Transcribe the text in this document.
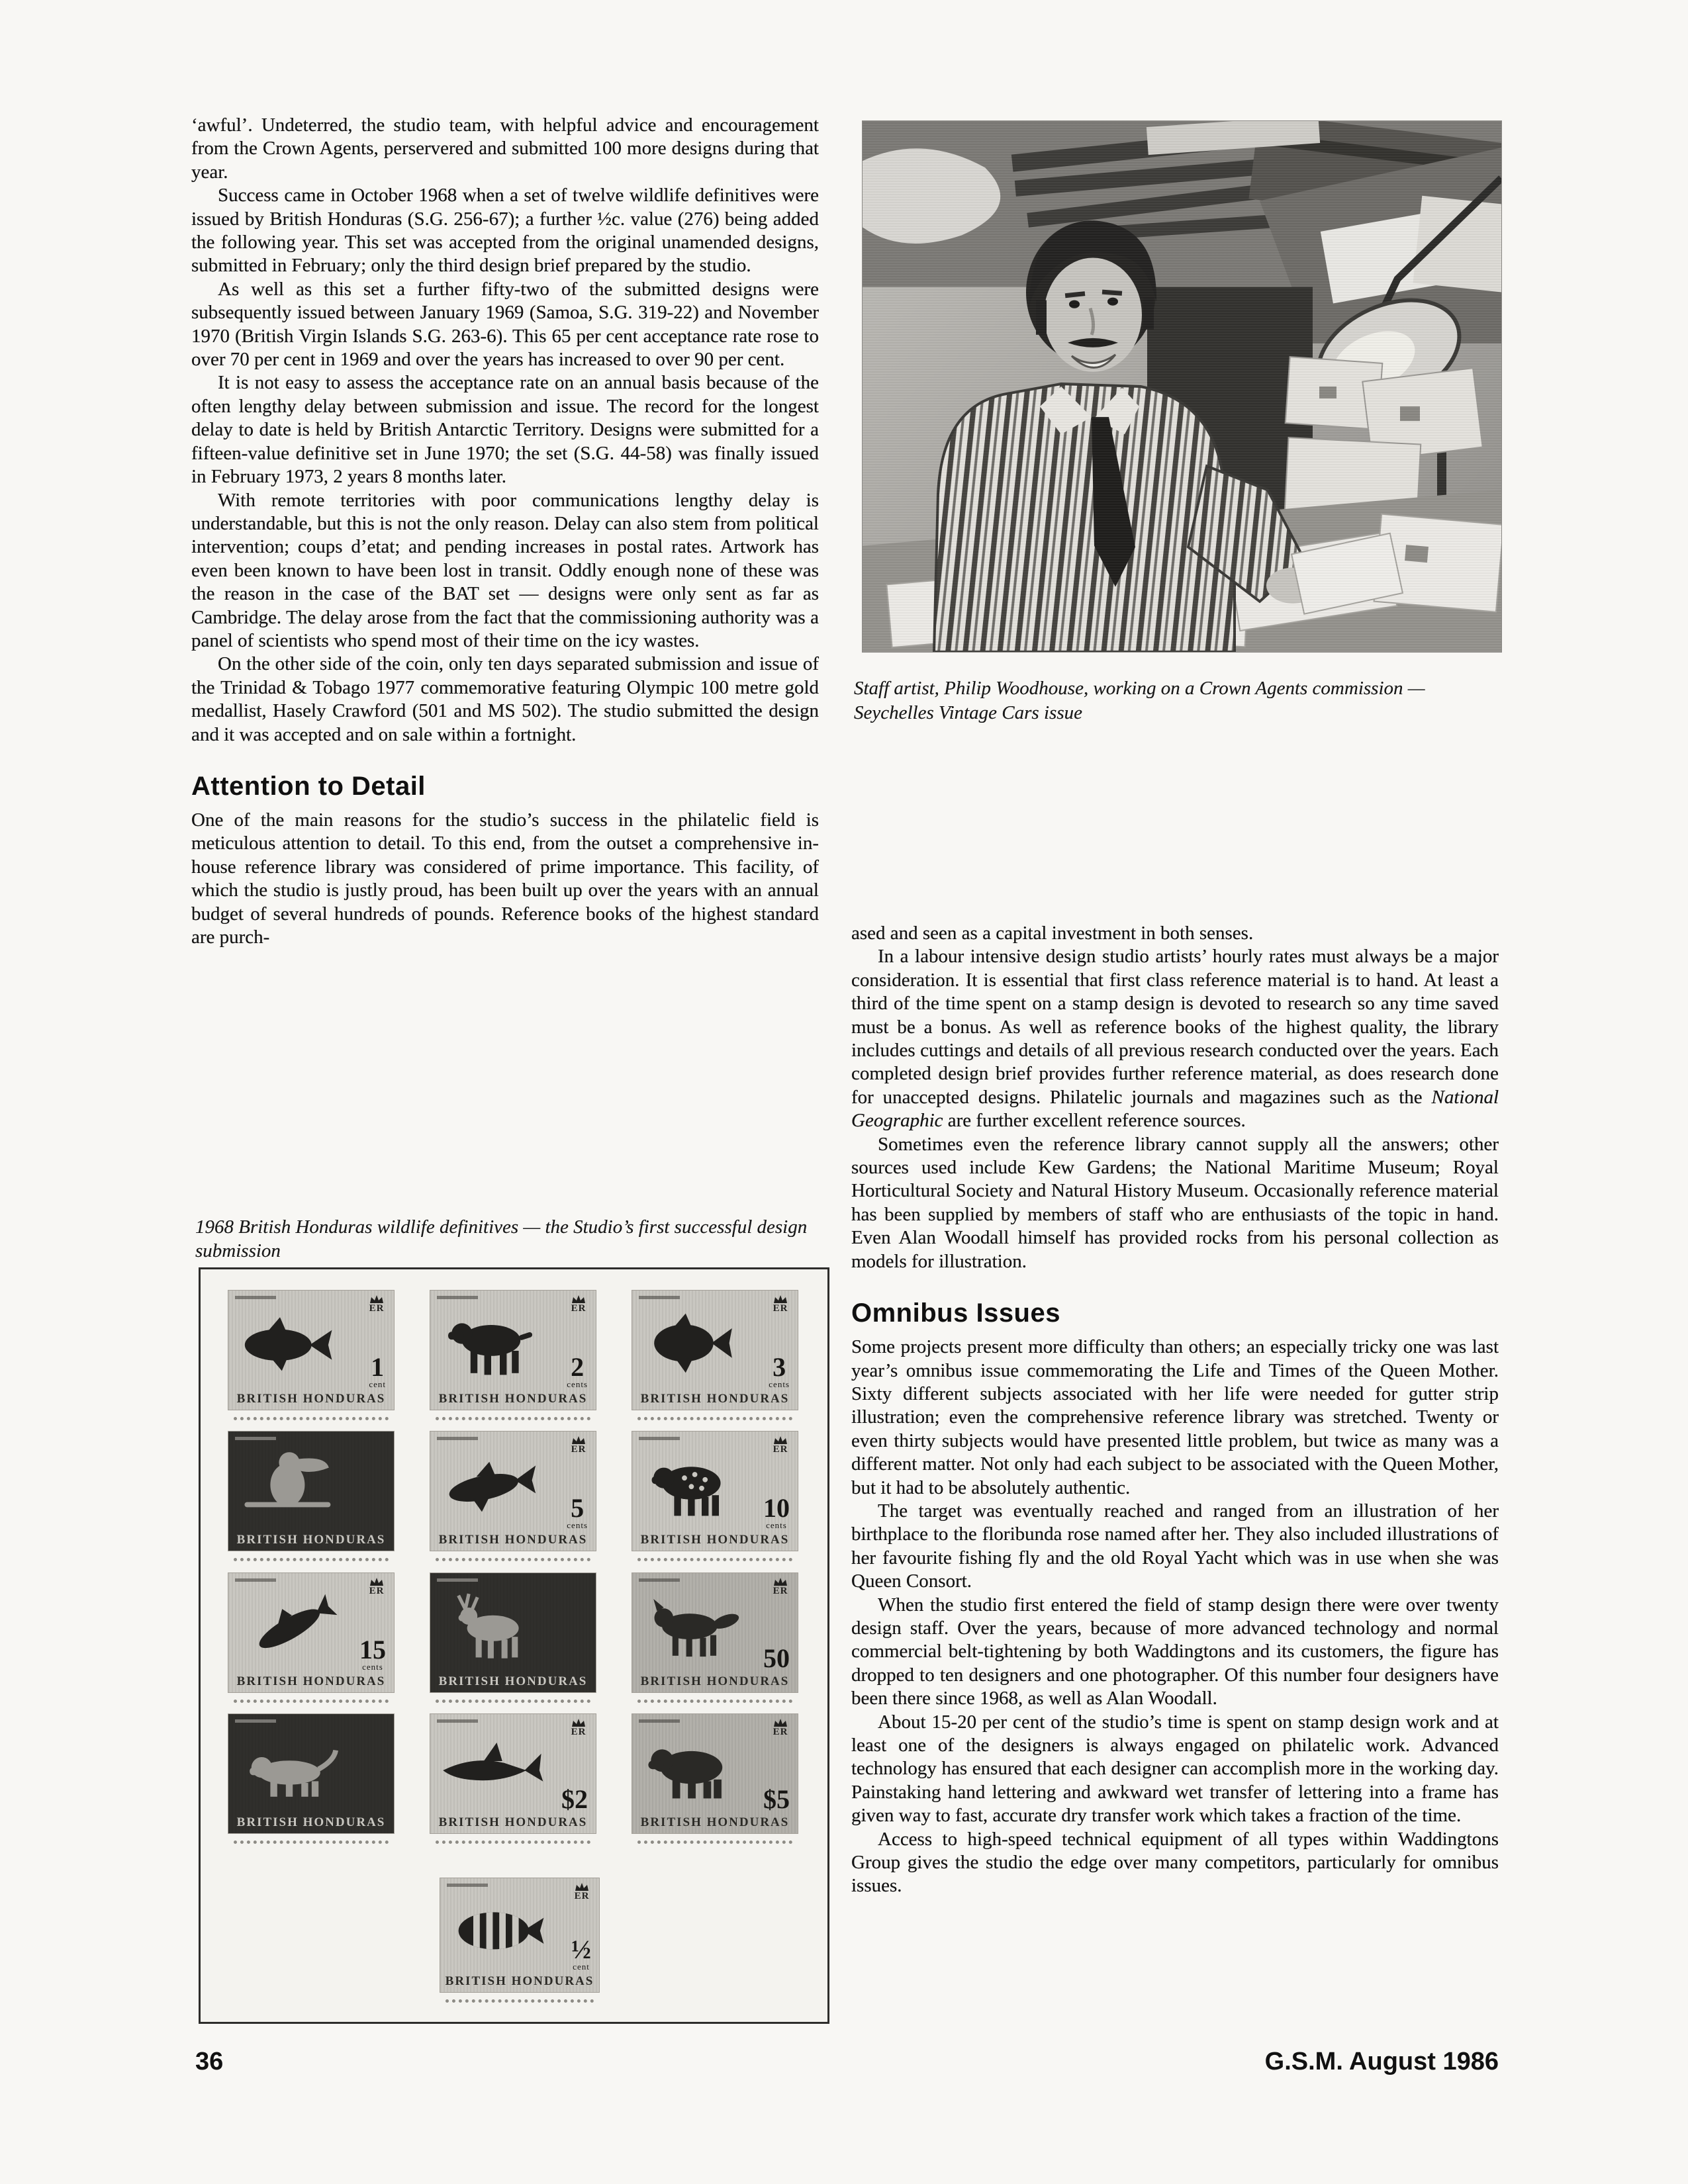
‘awful’. Undeterred, the studio team, with helpful advice and encouragement from the Crown Agents, perservered and submitted 100 more designs during that year.

Success came in October 1968 when a set of twelve wildlife definitives were issued by British Honduras (S.G. 256-67); a further ½c. value (276) being added the following year. This set was accepted from the original unamended designs, submitted in February; only the third design brief prepared by the studio.

As well as this set a further fifty-two of the submitted designs were subsequently issued between January 1969 (Samoa, S.G. 319-22) and November 1970 (British Virgin Islands S.G. 263-6). This 65 per cent acceptance rate rose to over 70 per cent in 1969 and over the years has increased to over 90 per cent.

It is not easy to assess the acceptance rate on an annual basis because of the often lengthy delay between submission and issue. The record for the longest delay to date is held by British Antarctic Territory. Designs were submitted for a fifteen-value definitive set in June 1970; the set (S.G. 44-58) was finally issued in February 1973, 2 years 8 months later.

With remote territories with poor communications lengthy delay is understandable, but this is not the only reason. Delay can also stem from political intervention; coups d’etat; and pending increases in postal rates. Artwork has even been known to have been lost in transit. Oddly enough none of these was the reason in the case of the BAT set — designs were only sent as far as Cambridge. The delay arose from the fact that the commissioning authority was a panel of scientists who spend most of their time on the icy wastes.

On the other side of the coin, only ten days separated submission and issue of the Trinidad & Tobago 1977 commemorative featuring Olympic 100 metre gold medallist, Hasely Crawford (501 and MS 502). The studio submitted the design and it was accepted and on sale within a fortnight.

Attention to Detail

One of the main reasons for the studio’s success in the philatelic field is meticulous attention to detail. To this end, from the outset a comprehensive in-house reference library was considered of prime importance. This facility, of which the studio is justly proud, has been built up over the years with an annual budget of several hundreds of pounds. Reference books of the highest standard are purch-

Staff artist, Philip Woodhouse, working on a Crown Agents commission — Seychelles Vintage Cars issue

ased and seen as a capital investment in both senses.

In a labour intensive design studio artists’ hourly rates must always be a major consideration. It is essential that first class reference material is to hand. At least a third of the time spent on a stamp design is devoted to research so any time saved must be a bonus. As well as reference books of the highest quality, the library includes cuttings and details of all previous research conducted over the years. Each completed design brief provides further reference material, as does research done for unaccepted designs. Philatelic journals and magazines such as the National Geographic are further excellent reference sources.

Sometimes even the reference library cannot supply all the answers; other sources used include Kew Gardens; the National Maritime Museum; Royal Horticultural Society and Natural History Museum. Occasionally reference material has been supplied by members of staff who are enthusiasts of the topic in hand. Even Alan Woodall himself has provided rocks from his personal collection as models for illustration.

Omnibus Issues

Some projects present more difficulty than others; an especially tricky one was last year’s omnibus issue commemorating the Life and Times of the Queen Mother. Sixty different subjects associated with her life were needed for gutter strip illustration; even the comprehensive reference library was stretched. Twenty or even thirty subjects would have presented little problem, but twice as many was a different matter. Not only had each subject to be associated with the Queen Mother, but it had to be absolutely authentic.

The target was eventually reached and ranged from an illustration of her birthplace to the floribunda rose named after her. They also included illustrations of her favourite fishing fly and the old Royal Yacht which was in use when she was Queen Consort.

When the studio first entered the field of stamp design there were over twenty design staff. Over the years, because of more advanced technology and normal commercial belt-tightening by both Waddingtons and its customers, the figure has dropped to ten designers and one photographer. Of this number four designers have been there since 1968, as well as Alan Woodall.

About 15-20 per cent of the studio’s time is spent on stamp design work and at least one of the designers is always engaged on philatelic work. Advanced technology has ensured that each designer can accomplish more in the working day. Painstaking hand lettering and awkward wet transfer of lettering into a frame has given way to fast, accurate dry transfer work which takes a fraction of the time.

Access to high-speed technical equipment of all types within Waddingtons Group gives the studio the edge over many competitors, particularly for omnibus issues.

1968 British Honduras wildlife definitives — the Studio’s first successful design submission
ER
1
cent
BRITISH HONDURAS
ER
2
cents
BRITISH HONDURAS
ER
3
cents
BRITISH HONDURAS
BRITISH HONDURAS
ER
5
cents
BRITISH HONDURAS
ER
10
cents
BRITISH HONDURAS
ER
15
cents
BRITISH HONDURAS	BRITISH HONDURAS
ER
50
BRITISH HONDURAS
BRITISH HONDURAS
ER
$2
BRITISH HONDURAS
ER
$5
BRITISH HONDURAS
ER
½
cent
BRITISH HONDURAS
36	G.S.M. August 1986
